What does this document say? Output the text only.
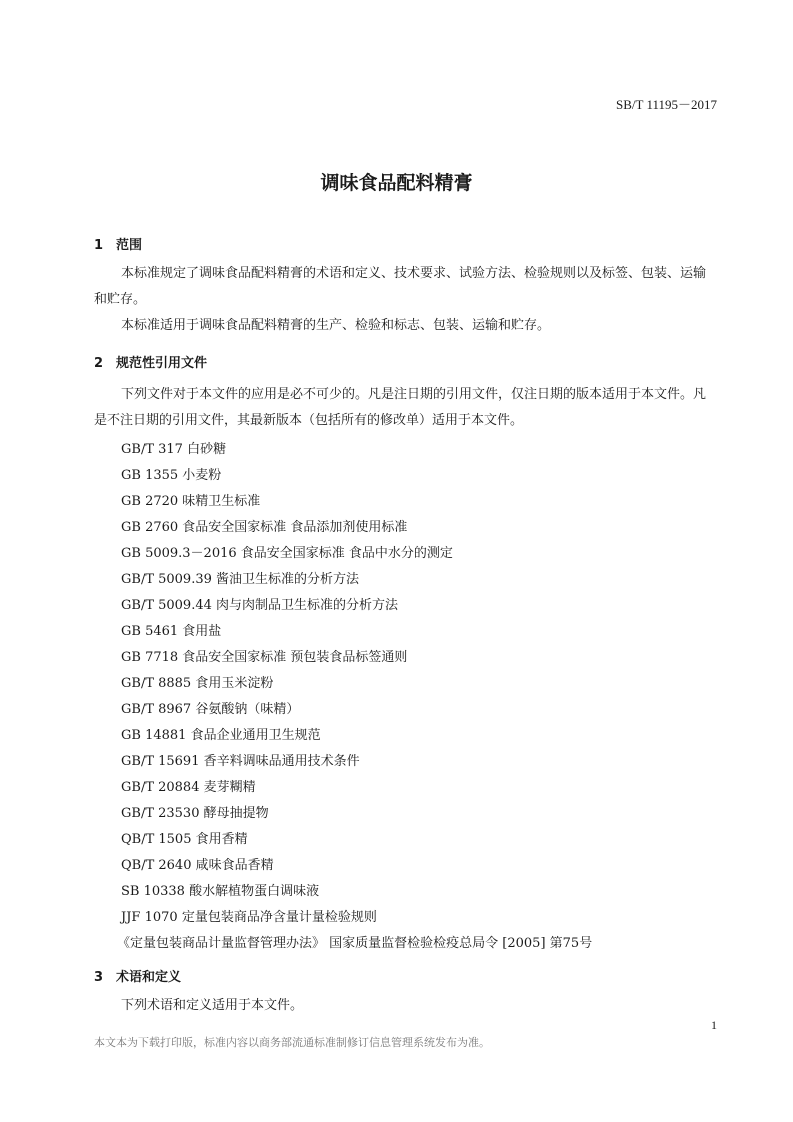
SB/T 11195－2017
调味食品配料精膏
1 范围
本标准规定了调味食品配料精膏的术语和定义、技术要求、试验方法、检验规则以及标签、包装、运输和贮存。
本标准适用于调味食品配料精膏的生产、检验和标志、包装、运输和贮存。
2 规范性引用文件
下列文件对于本文件的应用是必不可少的。凡是注日期的引用文件，仅注日期的版本适用于本文件。凡是不注日期的引用文件，其最新版本（包括所有的修改单）适用于本文件。
GB/T 317 白砂糖
GB 1355 小麦粉
GB 2720 味精卫生标准
GB 2760 食品安全国家标准 食品添加剂使用标准
GB 5009.3－2016 食品安全国家标准 食品中水分的测定
GB/T 5009.39 酱油卫生标准的分析方法
GB/T 5009.44 肉与肉制品卫生标准的分析方法
GB 5461 食用盐
GB 7718 食品安全国家标准 预包装食品标签通则
GB/T 8885 食用玉米淀粉
GB/T 8967 谷氨酸钠（味精）
GB 14881 食品企业通用卫生规范
GB/T 15691 香辛料调味品通用技术条件
GB/T 20884 麦芽糊精
GB/T 23530 酵母抽提物
QB/T 1505 食用香精
QB/T 2640 咸味食品香精
SB 10338 酸水解植物蛋白调味液
JJF 1070 定量包装商品净含量计量检验规则
《定量包装商品计量监督管理办法》 国家质量监督检验检疫总局令 [2005] 第75号
3 术语和定义
下列术语和定义适用于本文件。
1
本文本为下载打印版，标准内容以商务部流通标准制修订信息管理系统发布为准。
